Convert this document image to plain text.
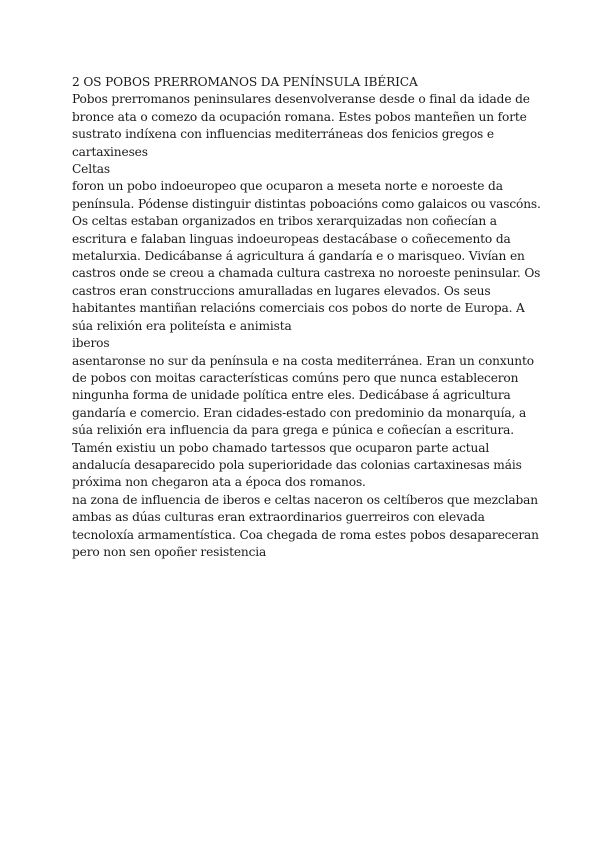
2 OS POBOS PRERROMANOS DA PENÍNSULA IBÉRICA

Pobos prerromanos peninsulares desenvolveranse desde o final da idade de bronce ata o comezo da ocupación romana. Estes pobos manteñen un forte sustrato indíxena con influencias mediterráneas dos fenicios gregos e cartaxineses

Celtas

foron un pobo indoeuropeo que ocuparon a meseta norte e noroeste da península. Pódense distinguir distintas poboacións como galaicos ou vascóns. Os celtas estaban organizados en tribos xerarquizadas non coñecían a escritura e falaban linguas indoeuropeas destacábase o coñecemento da metalurxia. Dedicábanse á agricultura á gandaría e o marisqueo. Vivían en castros onde se creou a chamada cultura castrexa no noroeste peninsular. Os castros eran construccions amuralladas en lugares elevados. Os seus habitantes mantiñan relacións comerciais cos pobos do norte de Europa. A súa relixión era politeísta e animista

iberos

asentaronse no sur da península e na costa mediterránea. Eran un conxunto de pobos con moitas características comúns pero que nunca estableceron ningunha forma de unidade política entre eles. Dedicábase á agricultura gandaría e comercio. Eran cidades-estado con predominio da monarquía, a súa relixión era influencia da para grega e púnica e coñecían a escritura. Tamén existiu un pobo chamado tartessos que ocuparon parte actual andalucía desaparecido pola superioridade das colonias cartaxinesas máis próxima non chegaron ata a época dos romanos.

na zona de influencia de iberos e celtas naceron os celtíberos que mezclaban ambas as dúas culturas eran extraordinarios guerreiros con elevada tecnoloxía armamentística. Coa chegada de roma estes pobos desapareceran pero non sen opoñer resistencia
